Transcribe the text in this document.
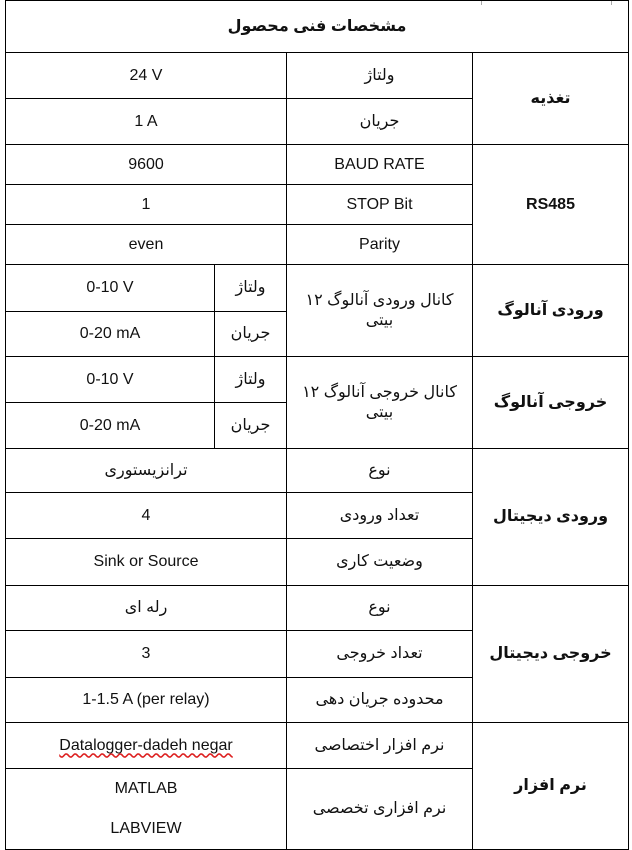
مشخصات فنی محصول			
24 V		ولتاژ	تغذیه
1 A		جریان	
9600		BAUD RATE	RS485
1		STOP Bit	
even		Parity	
0-10 V	ولتاژ	کانال ورودی آنالوگ ۱۲ بیتی	ورودی آنالوگ
0-20 mA	جریان		
0-10 V	ولتاژ	کانال خروجی آنالوگ ۱۲ بیتی	خروجی آنالوگ
0-20 mA	جریان		
ترانزیستوری		نوع	ورودی دیجیتال
4		تعداد ورودی	
Sink or Source		وضعیت کاری	
رله ای		نوع	خروجی دیجیتال
3		تعداد خروجی	
1-1.5 A (per relay)		محدوده جریان دهی	
Datalogger-dadeh negar		نرم افزار اختصاصی	نرم افزار

MATLAB
LABVIEW		نرم افزاری تخصصی	
